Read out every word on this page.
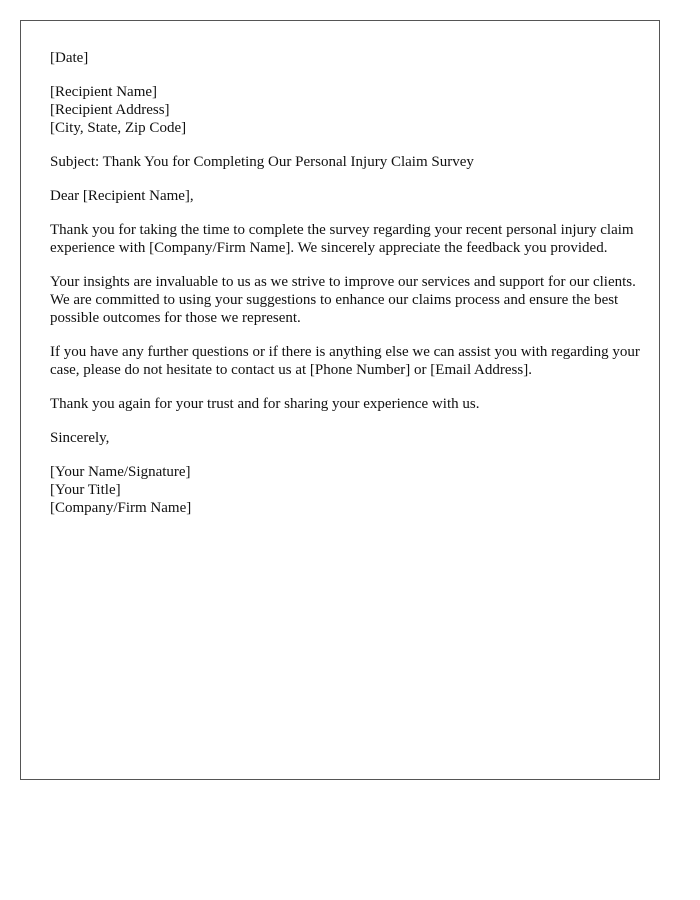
[Date]
[Recipient Name]
[Recipient Address]
[City, State, Zip Code]
Subject: Thank You for Completing Our Personal Injury Claim Survey
Dear [Recipient Name],
Thank you for taking the time to complete the survey regarding your recent personal injury claim experience with [Company/Firm Name]. We sincerely appreciate the feedback you provided.
Your insights are invaluable to us as we strive to improve our services and support for our clients. We are committed to using your suggestions to enhance our claims process and ensure the best possible outcomes for those we represent.
If you have any further questions or if there is anything else we can assist you with regarding your case, please do not hesitate to contact us at [Phone Number] or [Email Address].
Thank you again for your trust and for sharing your experience with us.
Sincerely,
[Your Name/Signature]
[Your Title]
[Company/Firm Name]
